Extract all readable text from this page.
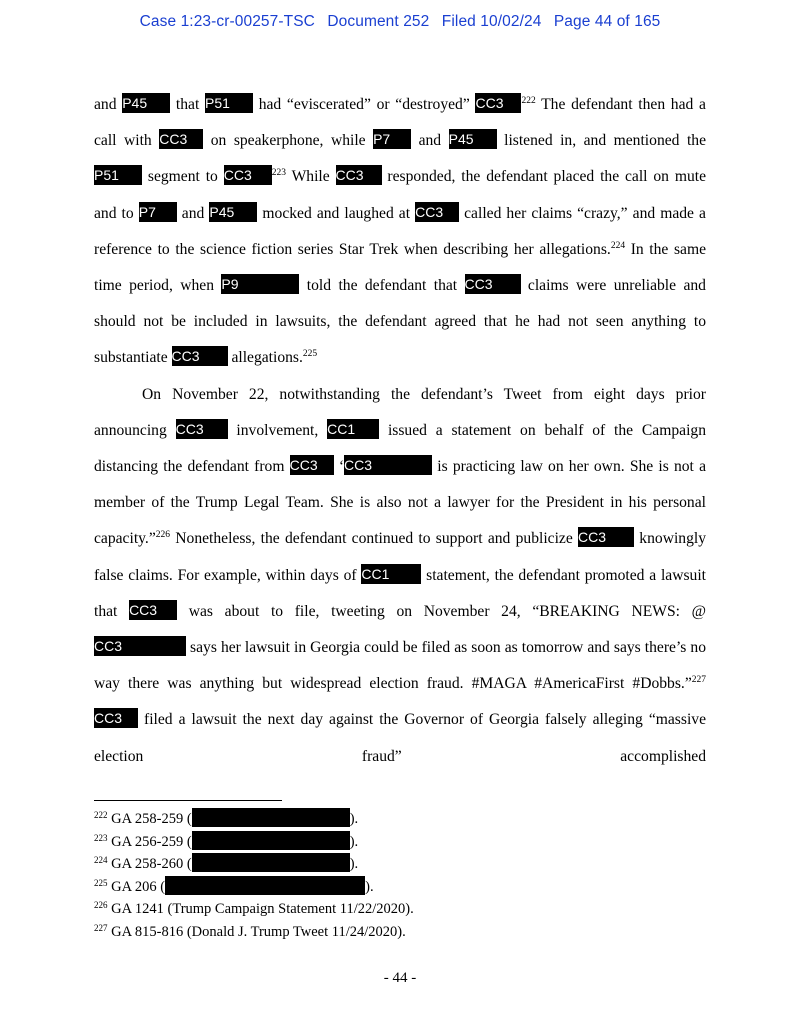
Case 1:23-cr-00257-TSC Document 252 Filed 10/02/24 Page 44 of 165

and P45 that P51 had “eviscerated” or “destroyed” CC3 $^{222}$ The defendant then had a call with CC3 on speakerphone, while P7 and P45 listened in, and mentioned the P51 segment to CC3 $^{223}$ While CC3 responded, the defendant placed the call on mute and to P7 and P45 mocked and laughed at CC3 called her claims “crazy,” and made a reference to the science fiction series Star Trek when describing her allegations.$^{224}$ In the same time period, when P9	told the defendant that CC3 claims were unreliable and should not be included in lawsuits, the defendant agreed that he had not seen anything to substantiate CC3 allegations.$^{225}$

On November 22, notwithstanding the defendant’s Tweet from eight days prior announcing CC3 involvement, CC1 issued a statement on behalf of the Campaign distancing the defendant from CC3 ‘CC3	is practicing law on her own. She is not a member of the Trump Legal Team. She is also not a lawyer for the President in his personal capacity.”$^{226}$ Nonetheless, the defendant continued to support and publicize CC3 knowingly false claims. For example, within days of CC1 statement, the defendant promoted a lawsuit that CC3 was about to file, tweeting on November 24, “BREAKING NEWS: @ CC3	says her lawsuit in Georgia could be filed as soon as tomorrow and says there’s no way there was anything but widespread election fraud. #MAGA #AmericaFirst #Dobbs.”$^{227}$ CC3 filed a lawsuit the next day against the Governor of Georgia falsely alleging “massive election fraud” accomplished

$^{222}$ GA 258-259 (	).
$^{223}$ GA 256-259 (	).
$^{224}$ GA 258-260 (	).
$^{225}$ GA 206 (	).
$^{226}$ GA 1241 (Trump Campaign Statement 11/22/2020).
$^{227}$ GA 815-816 (Donald J. Trump Tweet 11/24/2020).
- 44 -
